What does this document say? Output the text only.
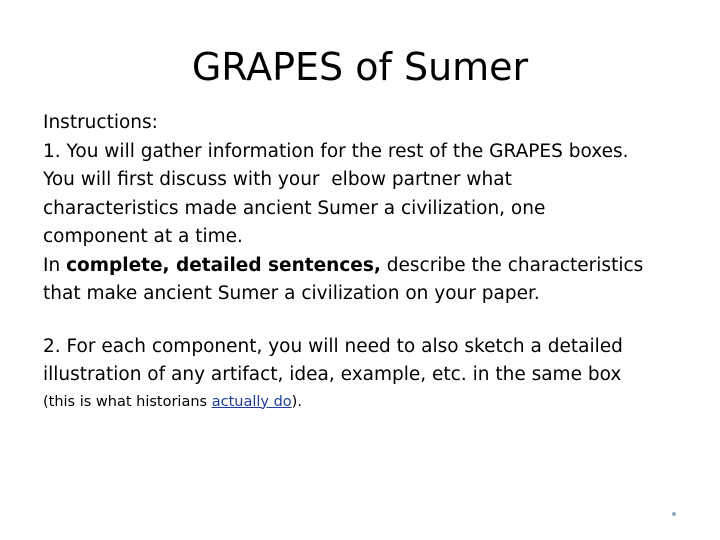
GRAPES of Sumer

Instructions:

1. You will gather information for the rest of the GRAPES boxes.

You will first discuss with your  elbow partner what

characteristics made ancient Sumer a civilization, one

component at a time.

In complete, detailed sentences, describe the characteristics

that make ancient Sumer a civilization on your paper.

2. For each component, you will need to also sketch a detailed

illustration of any artifact, idea, example, etc. in the same box

(this is what historians actually do).
